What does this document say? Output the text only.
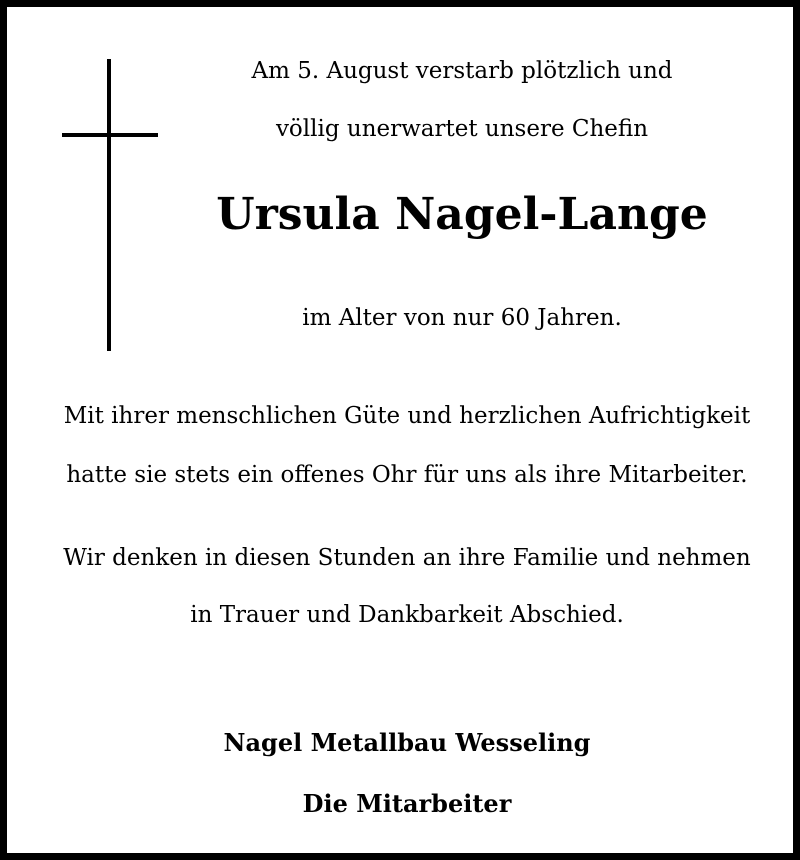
Am 5. August verstarb plötzlich und
völlig unerwartet unsere Chefin
Ursula Nagel-Lange
im Alter von nur 60 Jahren.
Mit ihrer menschlichen Güte und herzlichen Aufrichtigkeit
hatte sie stets ein offenes Ohr für uns als ihre Mitarbeiter.
Wir denken in diesen Stunden an ihre Familie und nehmen
in Trauer und Dankbarkeit Abschied.
Nagel Metallbau Wesseling
Die Mitarbeiter
